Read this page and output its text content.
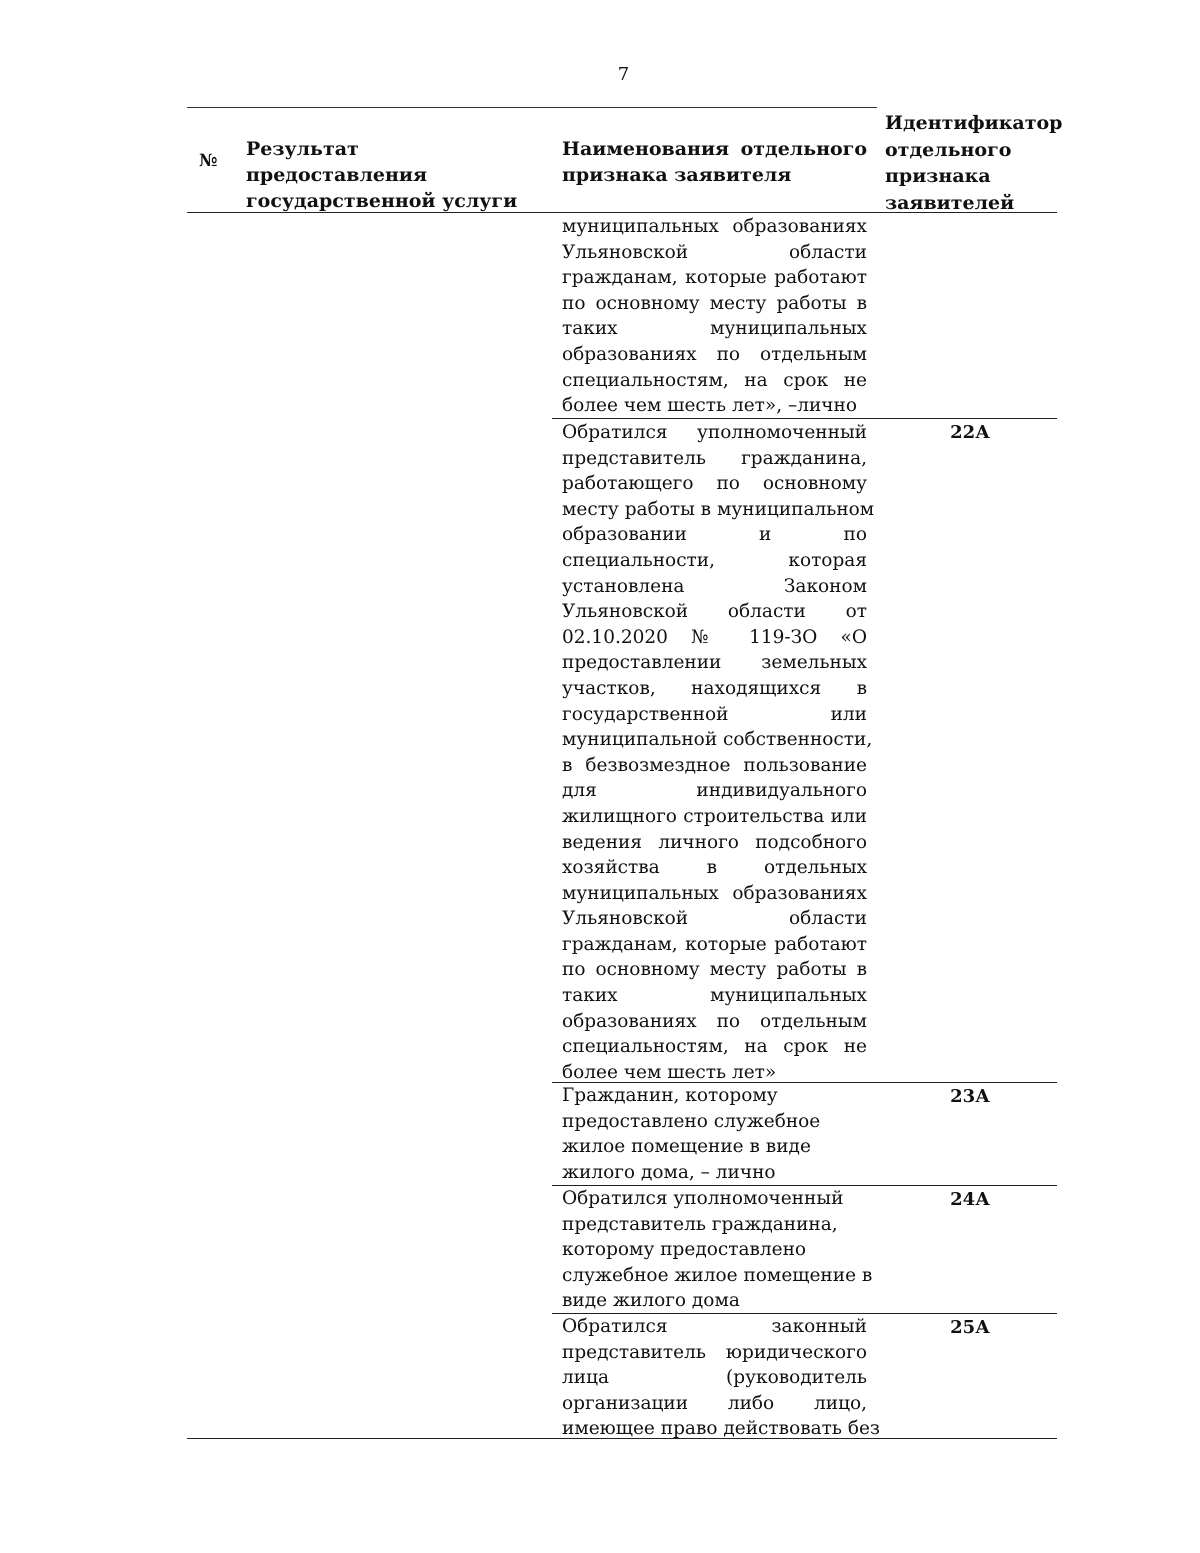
7
№
Результат предоставления
государственной услуги
Наименования отдельного
признака заявителя
Идентификатор
отдельного
признака
заявителей
муниципальных образованиях
Ульяновской области
гражданам, которые работают
по основному месту работы в
таких муниципальных
образованиях по отдельным
специальностям, на срок не
более чем шесть лет», –лично
22А
Обратился уполномоченный
представитель гражданина,
работающего по основному
месту работы в муниципальном
образовании и по
специальности, которая
установлена Законом
Ульяновской области от
02.10.2020 № 119-ЗО «О
предоставлении земельных
участков, находящихся в
государственной или
муниципальной собственности,
в безвозмездное пользование
для индивидуального
жилищного строительства или
ведения личного подсобного
хозяйства в отдельных
муниципальных образованиях
Ульяновской области
гражданам, которые работают
по основному месту работы в
таких муниципальных
образованиях по отдельным
специальностям, на срок не
более чем шесть лет»
23А
Гражданин, которому
предоставлено служебное
жилое помещение в виде
жилого дома, – лично
24А
Обратился уполномоченный
представитель гражданина,
которому предоставлено
служебное жилое помещение в
виде жилого дома
25А
Обратился законный
представитель юридического
лица (руководитель
организации либо лицо,
имеющее право действовать без
